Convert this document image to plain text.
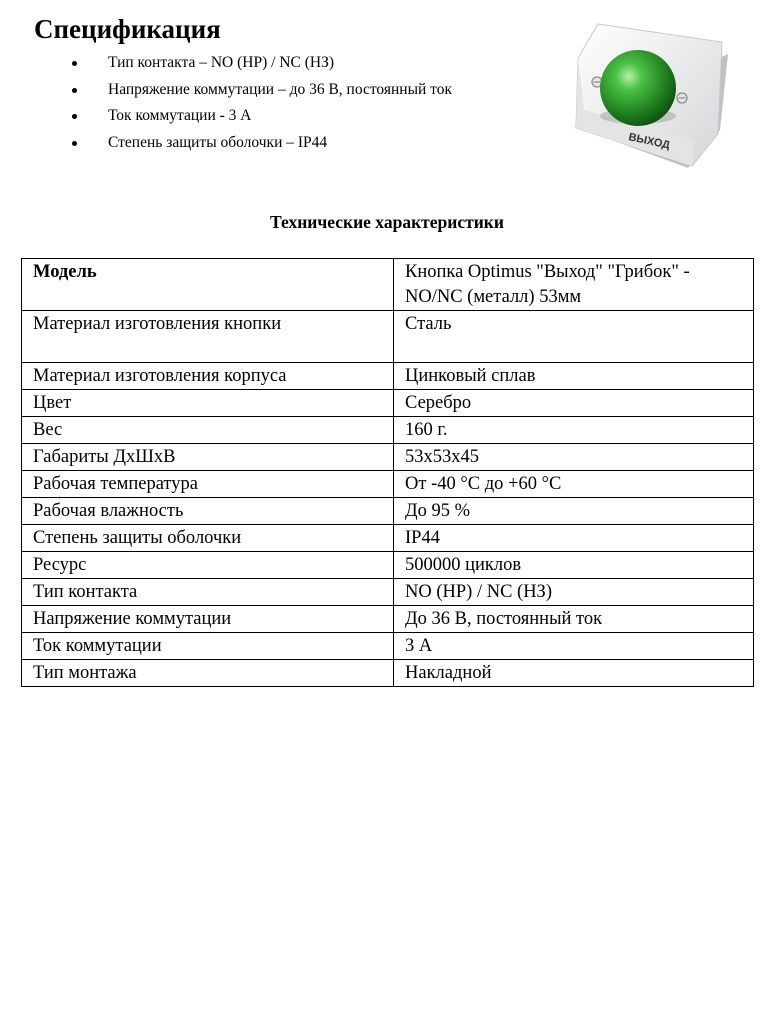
Спецификация
Тип контакта – NO (НР) / NC (НЗ)
Напряжение коммутации – до 36 В, постоянный ток
Ток коммутации - 3 А
Степень защиты оболочки – IP44	ВЫХОД
Технические характеристики
Модель	Кнопка Optimus "Выход" "Грибок" - NO/NC (металл) 53мм
Материал изготовления кнопки	Сталь
Материал изготовления корпуса	Цинковый сплав
Цвет	Серебро
Вес	160 г.
Габариты ДхШхВ	53x53x45
Рабочая температура	От -40 °C до +60 °C
Рабочая влажность	До 95 %
Степень защиты оболочки	IP44
Ресурс	500000 циклов
Тип контакта	NO (НР) / NC (НЗ)
Напряжение коммутации	До 36 В, постоянный ток
Ток коммутации	3 А
Тип монтажа	Накладной
